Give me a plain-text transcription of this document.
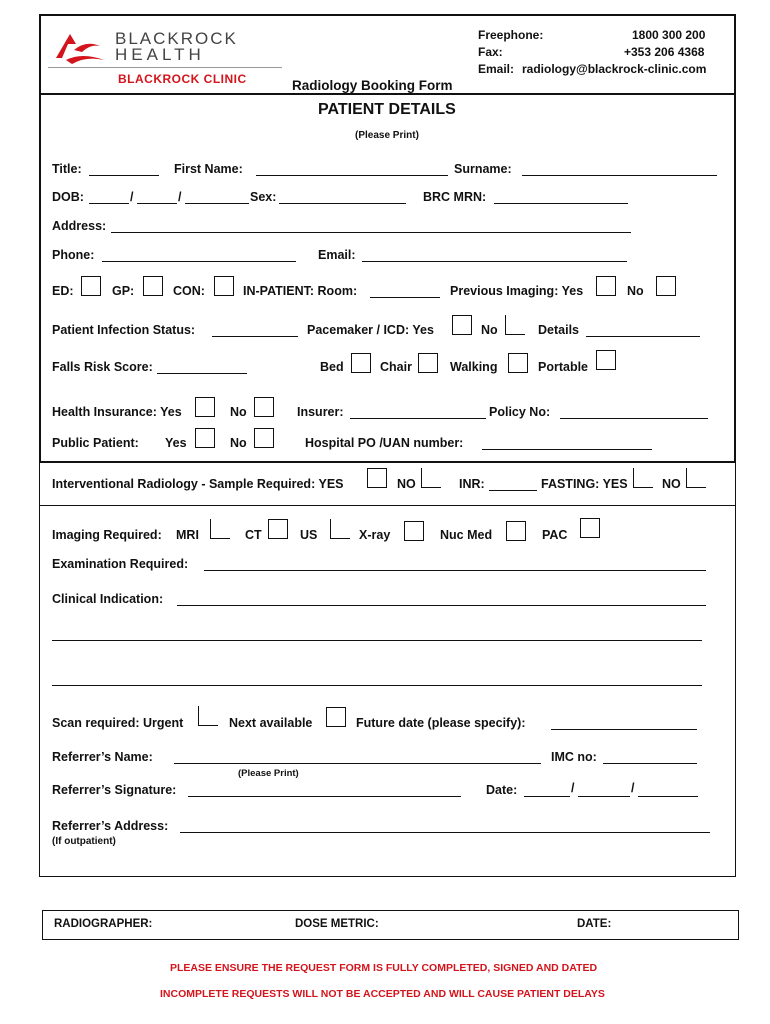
BLACKROCK
HEALTH
BLACKROCK CLINIC	Radiology Booking Form
Freephone:	1800 300 200
Fax:	+353 206 4368
Email: radiology@blackrock-clinic.com
PATIENT DETAILS
(Please Print)
Title:	First Name:	Surname:
DOB:	/	/	Sex:	BRC MRN:
Address:
Phone:	Email:
ED:	GP:	CON:	IN-PATIENT: Room:	Previous Imaging: Yes	No
Patient Infection Status:	Pacemaker / ICD: Yes	No	Details
Falls Risk Score:	Bed	Chair	Walking	Portable
Health Insurance: Yes	No	Insurer:	Policy No:
Public Patient: Yes	No	Hospital PO /UAN number:
Interventional Radiology - Sample Required: YES	NO	INR:	FASTING: YES	NO
Imaging Required: MRI	CT	US	X-ray	Nuc Med	PAC
Examination Required:
Clinical Indication:
Scan required: Urgent	Next available	Future date (please specify):
Referrer’s Name:	IMC no:
(Please Print)
Referrer’s Signature:	Date:	/	/
Referrer’s Address:
(If outpatient)
RADIOGRAPHER:	DOSE METRIC:	DATE:
PLEASE ENSURE THE REQUEST FORM IS FULLY COMPLETED, SIGNED AND DATED
INCOMPLETE REQUESTS WILL NOT BE ACCEPTED AND WILL CAUSE PATIENT DELAYS
